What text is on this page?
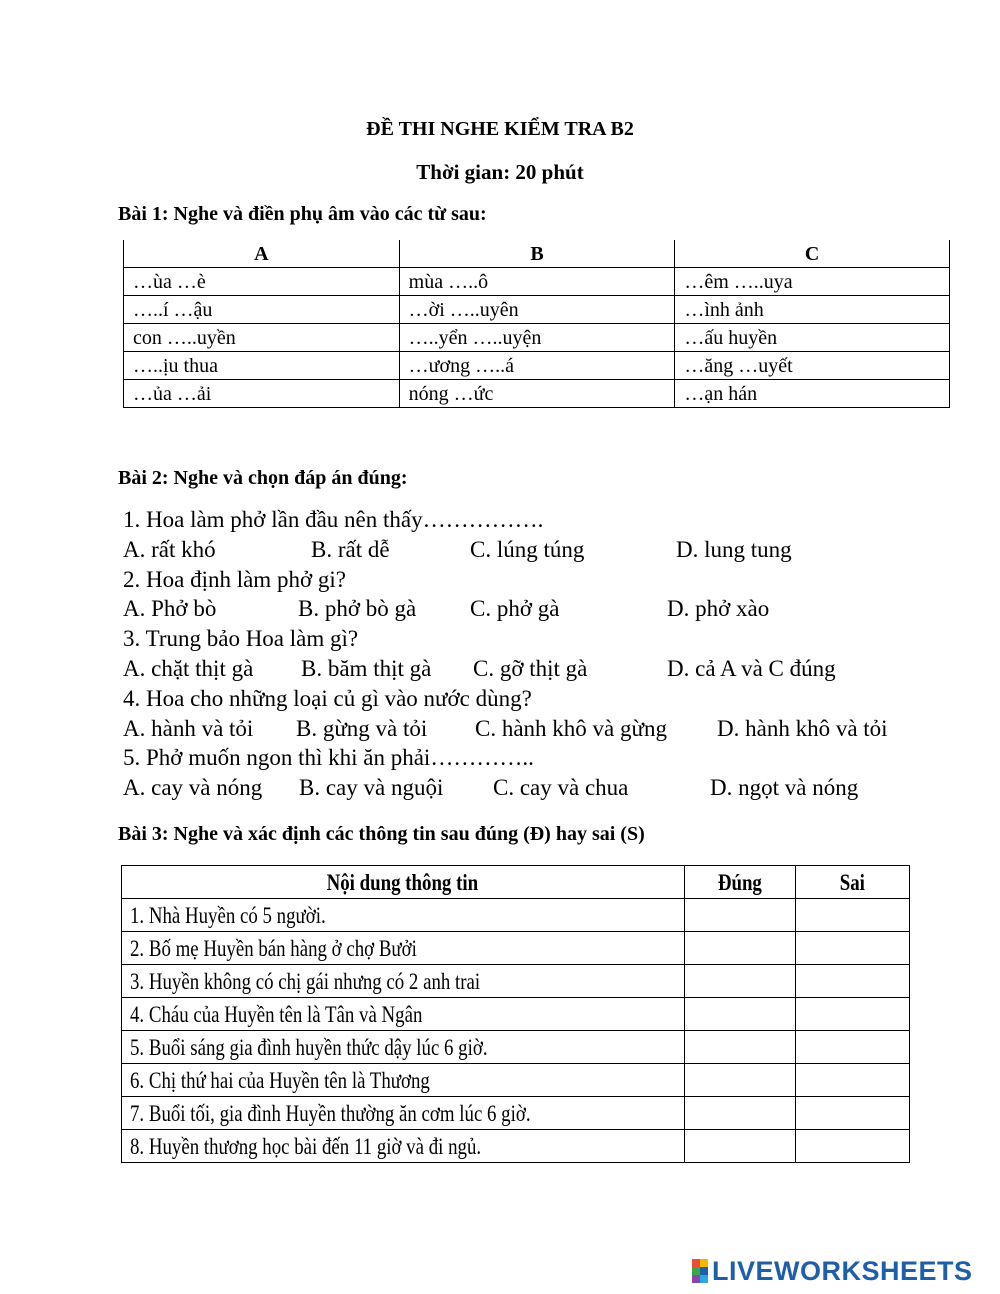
ĐỀ THI NGHE KIỂM TRA B2
Thời gian: 20 phút
Bài 1: Nghe và điền phụ âm vào các từ sau:
A	B	C
…ùa …è	mùa …..ô	…êm …..uya
…..í …ậu	…ời …..uyên	…ình ảnh
con …..uyền	…..yển …..uyện	…ấu huyền
…..ịu thua	…ương …..á	…ăng …uyết
…ủa …ải	nóng …ức	…ạn hán
Bài 2: Nghe và chọn đáp án đúng:
1. Hoa làm phở lần đầu nên thấy…………….
A. rất khó	B. rất dễ	C. lúng túng	D. lung tung
2. Hoa định làm phở gi?
A. Phở bò	B. phở bò gà C. phở gà	D. phở xào
3. Trung bảo Hoa làm gì?
A. chặt thịt gà B. băm thịt gà C. gỡ thịt gà	D. cả A và C đúng
4. Hoa cho những loại củ gì vào nước dùng?
A. hành và tỏi B. gừng và tỏi C. hành khô và gừng D. hành khô và tỏi
5. Phở muốn ngon thì khi ăn phải…………..
A. cay và nóng B. cay và nguội C. cay và chua	D. ngọt và nóng
Bài 3: Nghe và xác định các thông tin sau đúng (Đ) hay sai (S)
Nội dung thông tin	Đúng	Sai
1. Nhà Huyền có 5 người.		
2. Bố mẹ Huyền bán hàng ở chợ Bưởi		
3. Huyền không có chị gái nhưng có 2 anh trai		
4. Cháu của Huyền tên là Tân và Ngân		
5. Buổi sáng gia đình huyền thức dậy lúc 6 giờ.		
6. Chị thứ hai của Huyền tên là Thương		
7. Buổi tối, gia đình Huyền thường ăn cơm lúc 6 giờ.		
8. Huyền thương học bài đến 11 giờ và đi ngủ.		
LIVEWORKSHEETS
